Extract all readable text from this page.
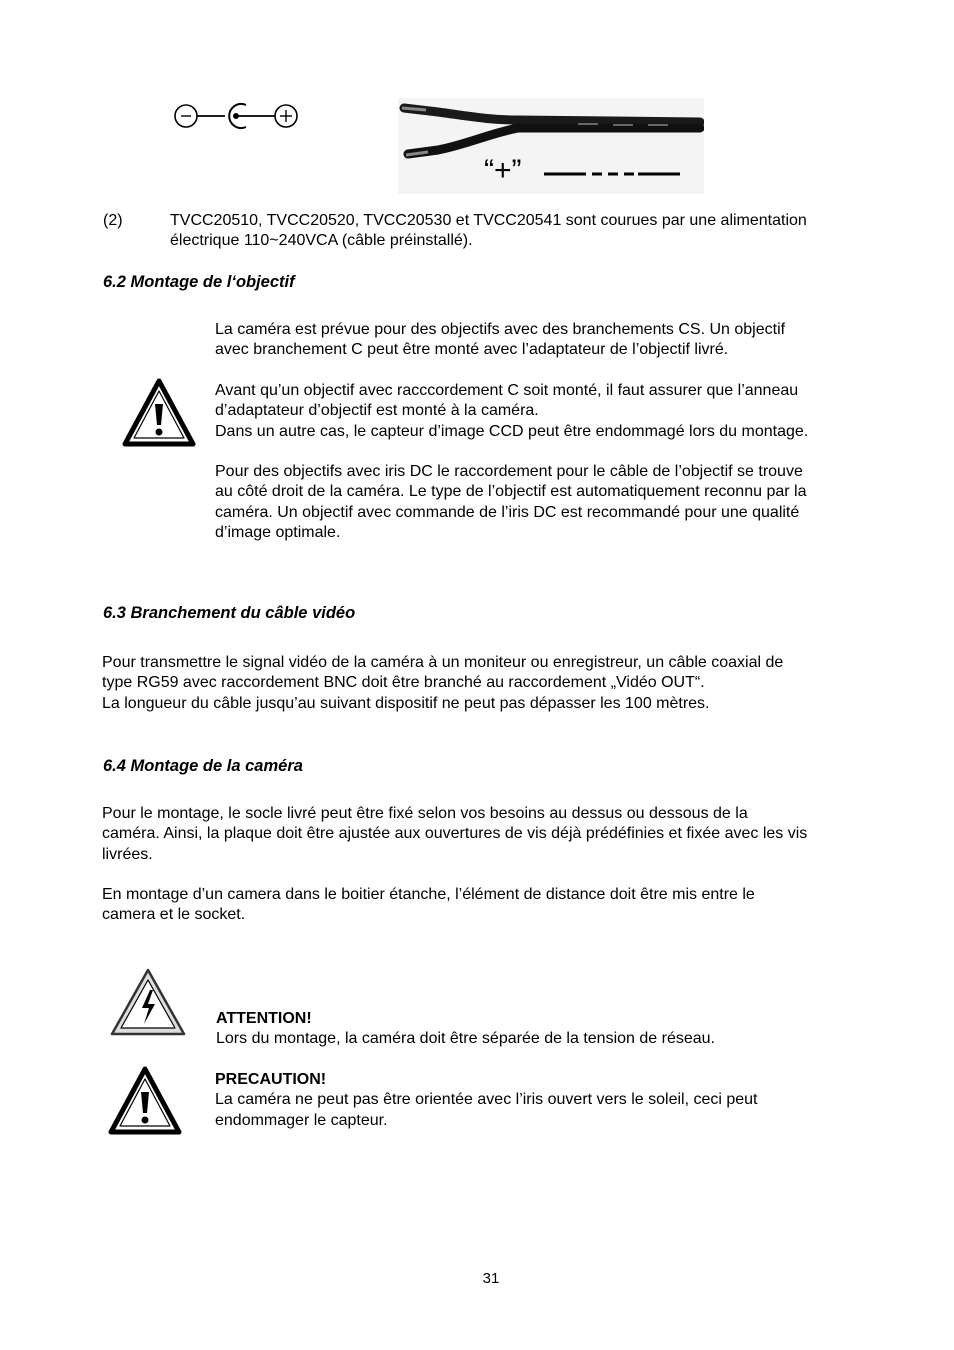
“+”
(2)	TVCC20510, TVCC20520, TVCC20530 et TVCC20541 sont courues par une alimentation
électrique 110~240VCA (câble préinstallé).
6.2 Montage de l‘objectif
La caméra est prévue pour des objectifs avec des branchements CS. Un objectif
avec branchement C peut être monté avec l’adaptateur de l’objectif livré.
Avant qu’un objectif avec racccordement C soit monté, il faut assurer que l’anneau
d’adaptateur d’objectif est monté à la caméra.
Dans un autre cas, le capteur d’image CCD peut être endommagé lors du montage.
Pour des objectifs avec iris DC le raccordement pour le câble de l’objectif se trouve
au côté droit de la caméra. Le type de l’objectif est automatiquement reconnu par la
caméra. Un objectif avec commande de l’iris DC est recommandé pour une qualité
d’image optimale.
6.3 Branchement du câble vidéo
Pour transmettre le signal vidéo de la caméra à un moniteur ou enregistreur, un câble coaxial de
type RG59 avec raccordement BNC doit être branché au raccordement „Vidéo OUT“.
La longueur du câble jusqu’au suivant dispositif ne peut pas dépasser les 100 mètres.
6.4 Montage de la caméra
Pour le montage, le socle livré peut être fixé selon vos besoins au dessus ou dessous de la
caméra. Ainsi, la plaque doit être ajustée aux ouvertures de vis déjà prédéfinies et fixée avec les vis
livrées.
En montage d’un camera dans le boitier étanche, l’élément de distance doit être mis entre le
camera et le socket.
ATTENTION!
Lors du montage, la caméra doit être séparée de la tension de réseau.
PRECAUTION!
La caméra ne peut pas être orientée avec l’iris ouvert vers le soleil, ceci peut
endommager le capteur.
31
